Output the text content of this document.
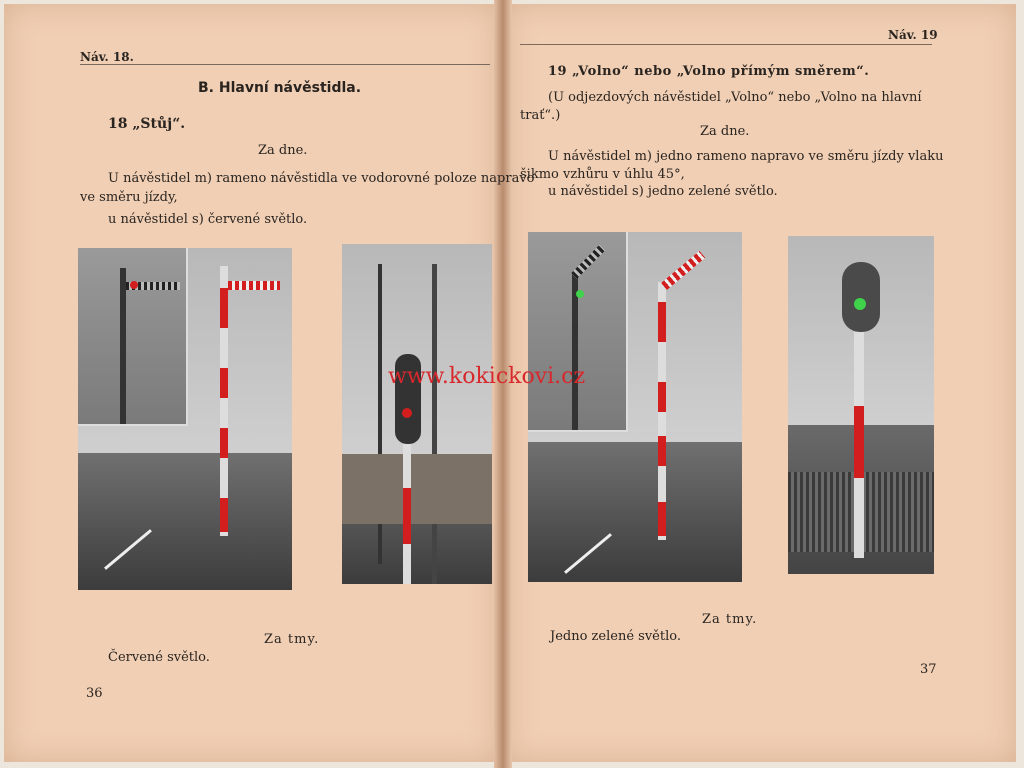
Náv. 18.
B. Hlavní návěstidla.
18 „Stůj“.
Za dne.
U návěstidel m) rameno návěstidla ve vodorovné poloze napravo
ve směru jízdy,
u návěstidel s) červené světlo.
Za tmy.
Červené světlo.
36
Náv. 19
19 „Volno“ nebo „Volno přímým směrem“.
(U odjezdových návěstidel „Volno“ nebo „Volno na hlavní
trať“.)
Za dne.
U návěstidel m) jedno rameno napravo ve směru jízdy vlaku
šikmo vzhůru v úhlu 45°,
u návěstidel s) jedno zelené světlo.
Za tmy.
Jedno zelené světlo.
37
www.kokickovi.cz
